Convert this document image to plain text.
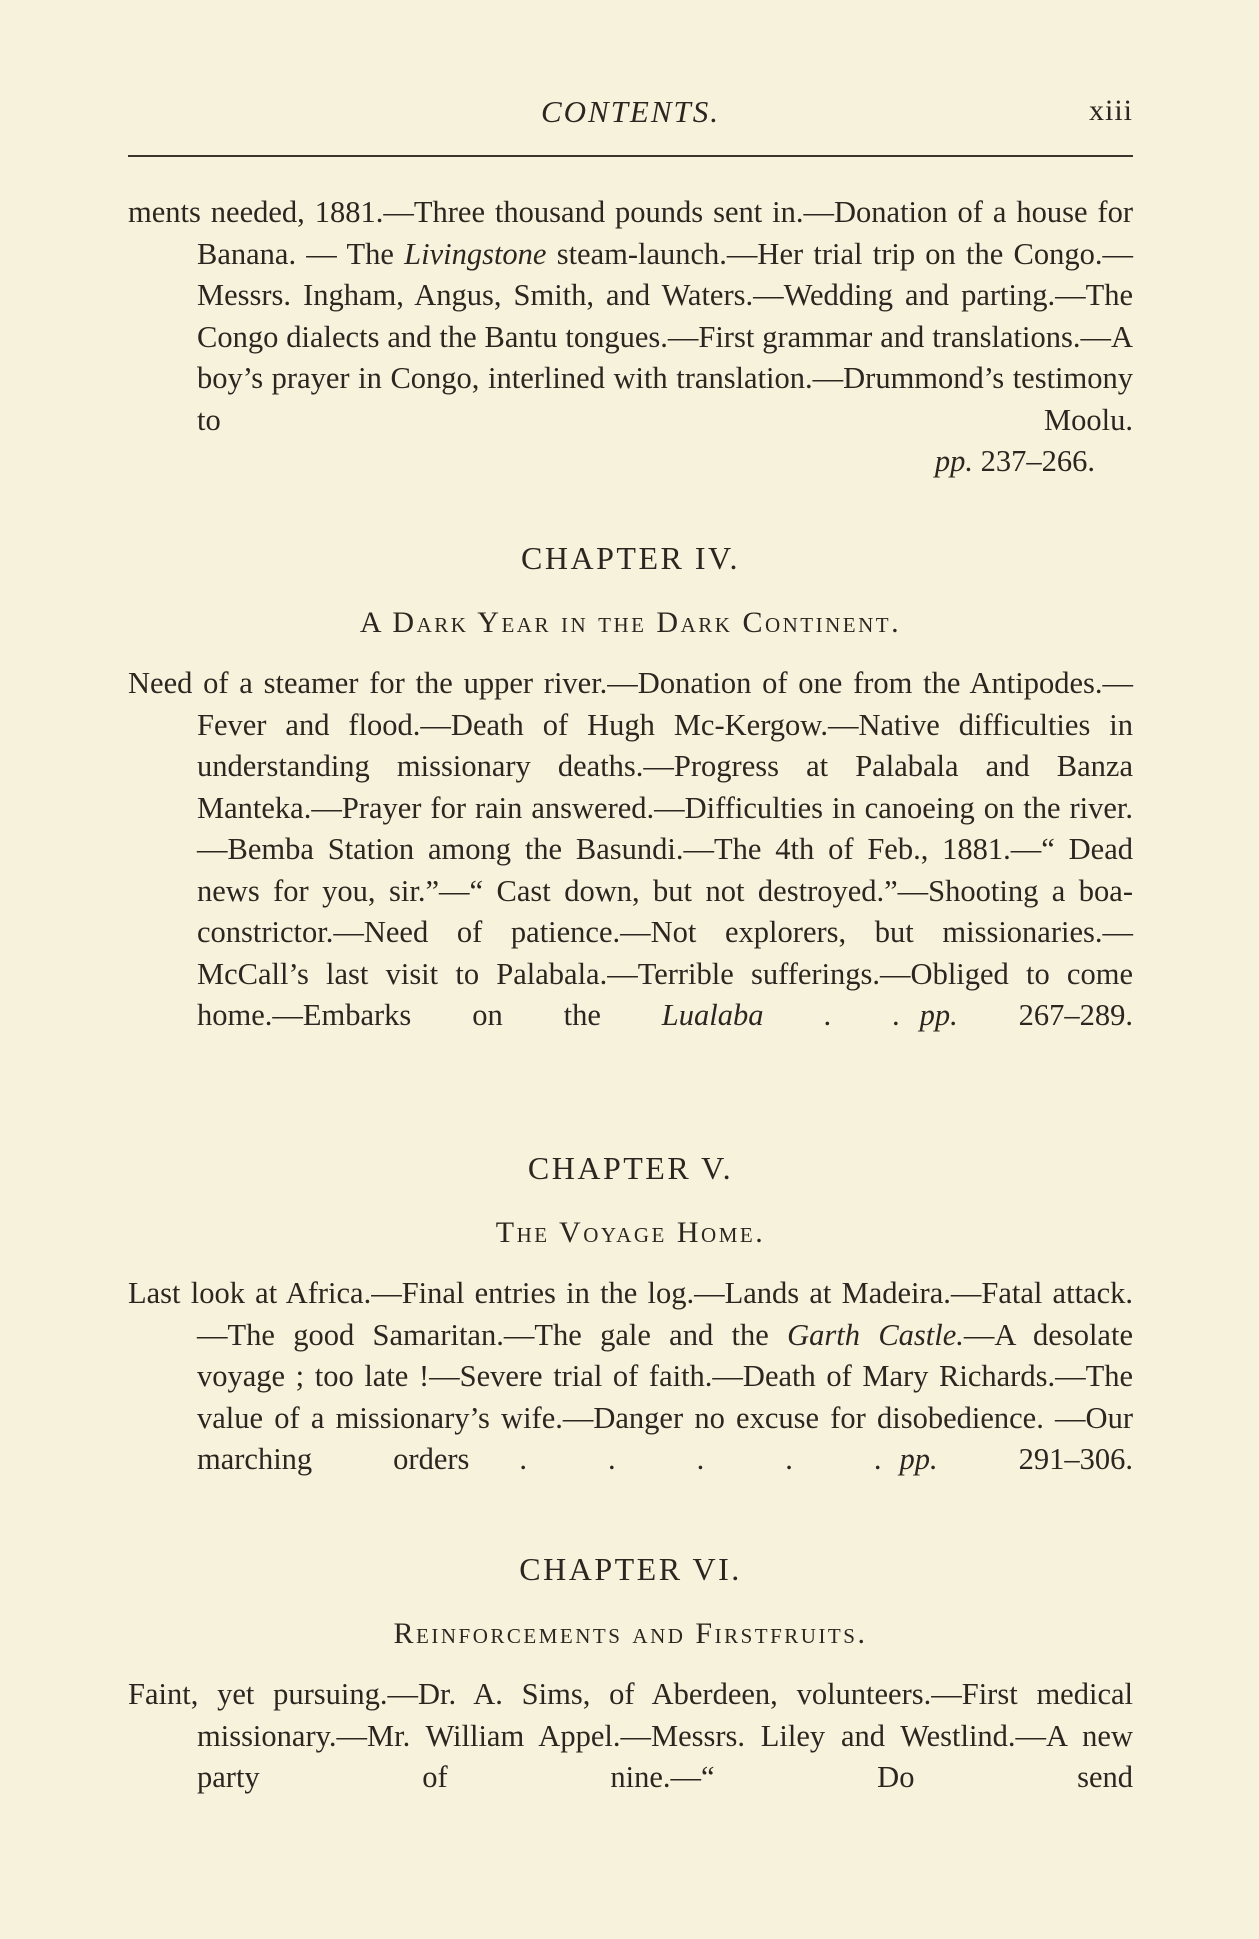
CONTENTS.	xiii

ments needed, 1881.—Three thousand pounds sent in.—Donation of a house for Banana. — The Livingstone steam-launch.—Her trial trip on the Congo.—Messrs. Ingham, Angus, Smith, and Waters.—Wedding and parting.—The Congo dialects and the Bantu tongues.—First grammar and translations.—A boy’s prayer in Congo, interlined with translation.—Drummond’s testimony to Moolu.

pp. 237–266.

CHAPTER IV.

A Dark Year in the Dark Continent.

Need of a steamer for the upper river.—Donation of one from the Antipodes.—Fever and flood.—Death of Hugh Mc-Kergow.—Native difficulties in understanding missionary deaths.—Progress at Palabala and Banza Manteka.—Prayer for rain answered.—Difficulties in canoeing on the river.—Bemba Station among the Basundi.—The 4th of Feb., 1881.—“ Dead news for you, sir.”—“ Cast down, but not destroyed.”—Shooting a boa-constrictor.—Need of patience.—Not explorers, but missionaries.—McCall’s last visit to Palabala.—Terrible sufferings.—Obliged to come home.—Embarks on the Lualaba . . pp. 267–289.

CHAPTER V.

The Voyage Home.

Last look at Africa.—Final entries in the log.—Lands at Madeira.—Fatal attack.—The good Samaritan.—The gale and the Garth Castle.—A desolate voyage ; too late !—Severe trial of faith.—Death of Mary Richards.—The value of a missionary’s wife.—Danger no excuse for disobedience. —Our marching orders . . . . . pp.	291–306.

CHAPTER VI.

Reinforcements and Firstfruits.

Faint, yet pursuing.—Dr. A. Sims, of Aberdeen, volunteers.—First medical missionary.—Mr. William Appel.—Messrs. Liley and Westlind.—A new party of nine.—“ Do send
